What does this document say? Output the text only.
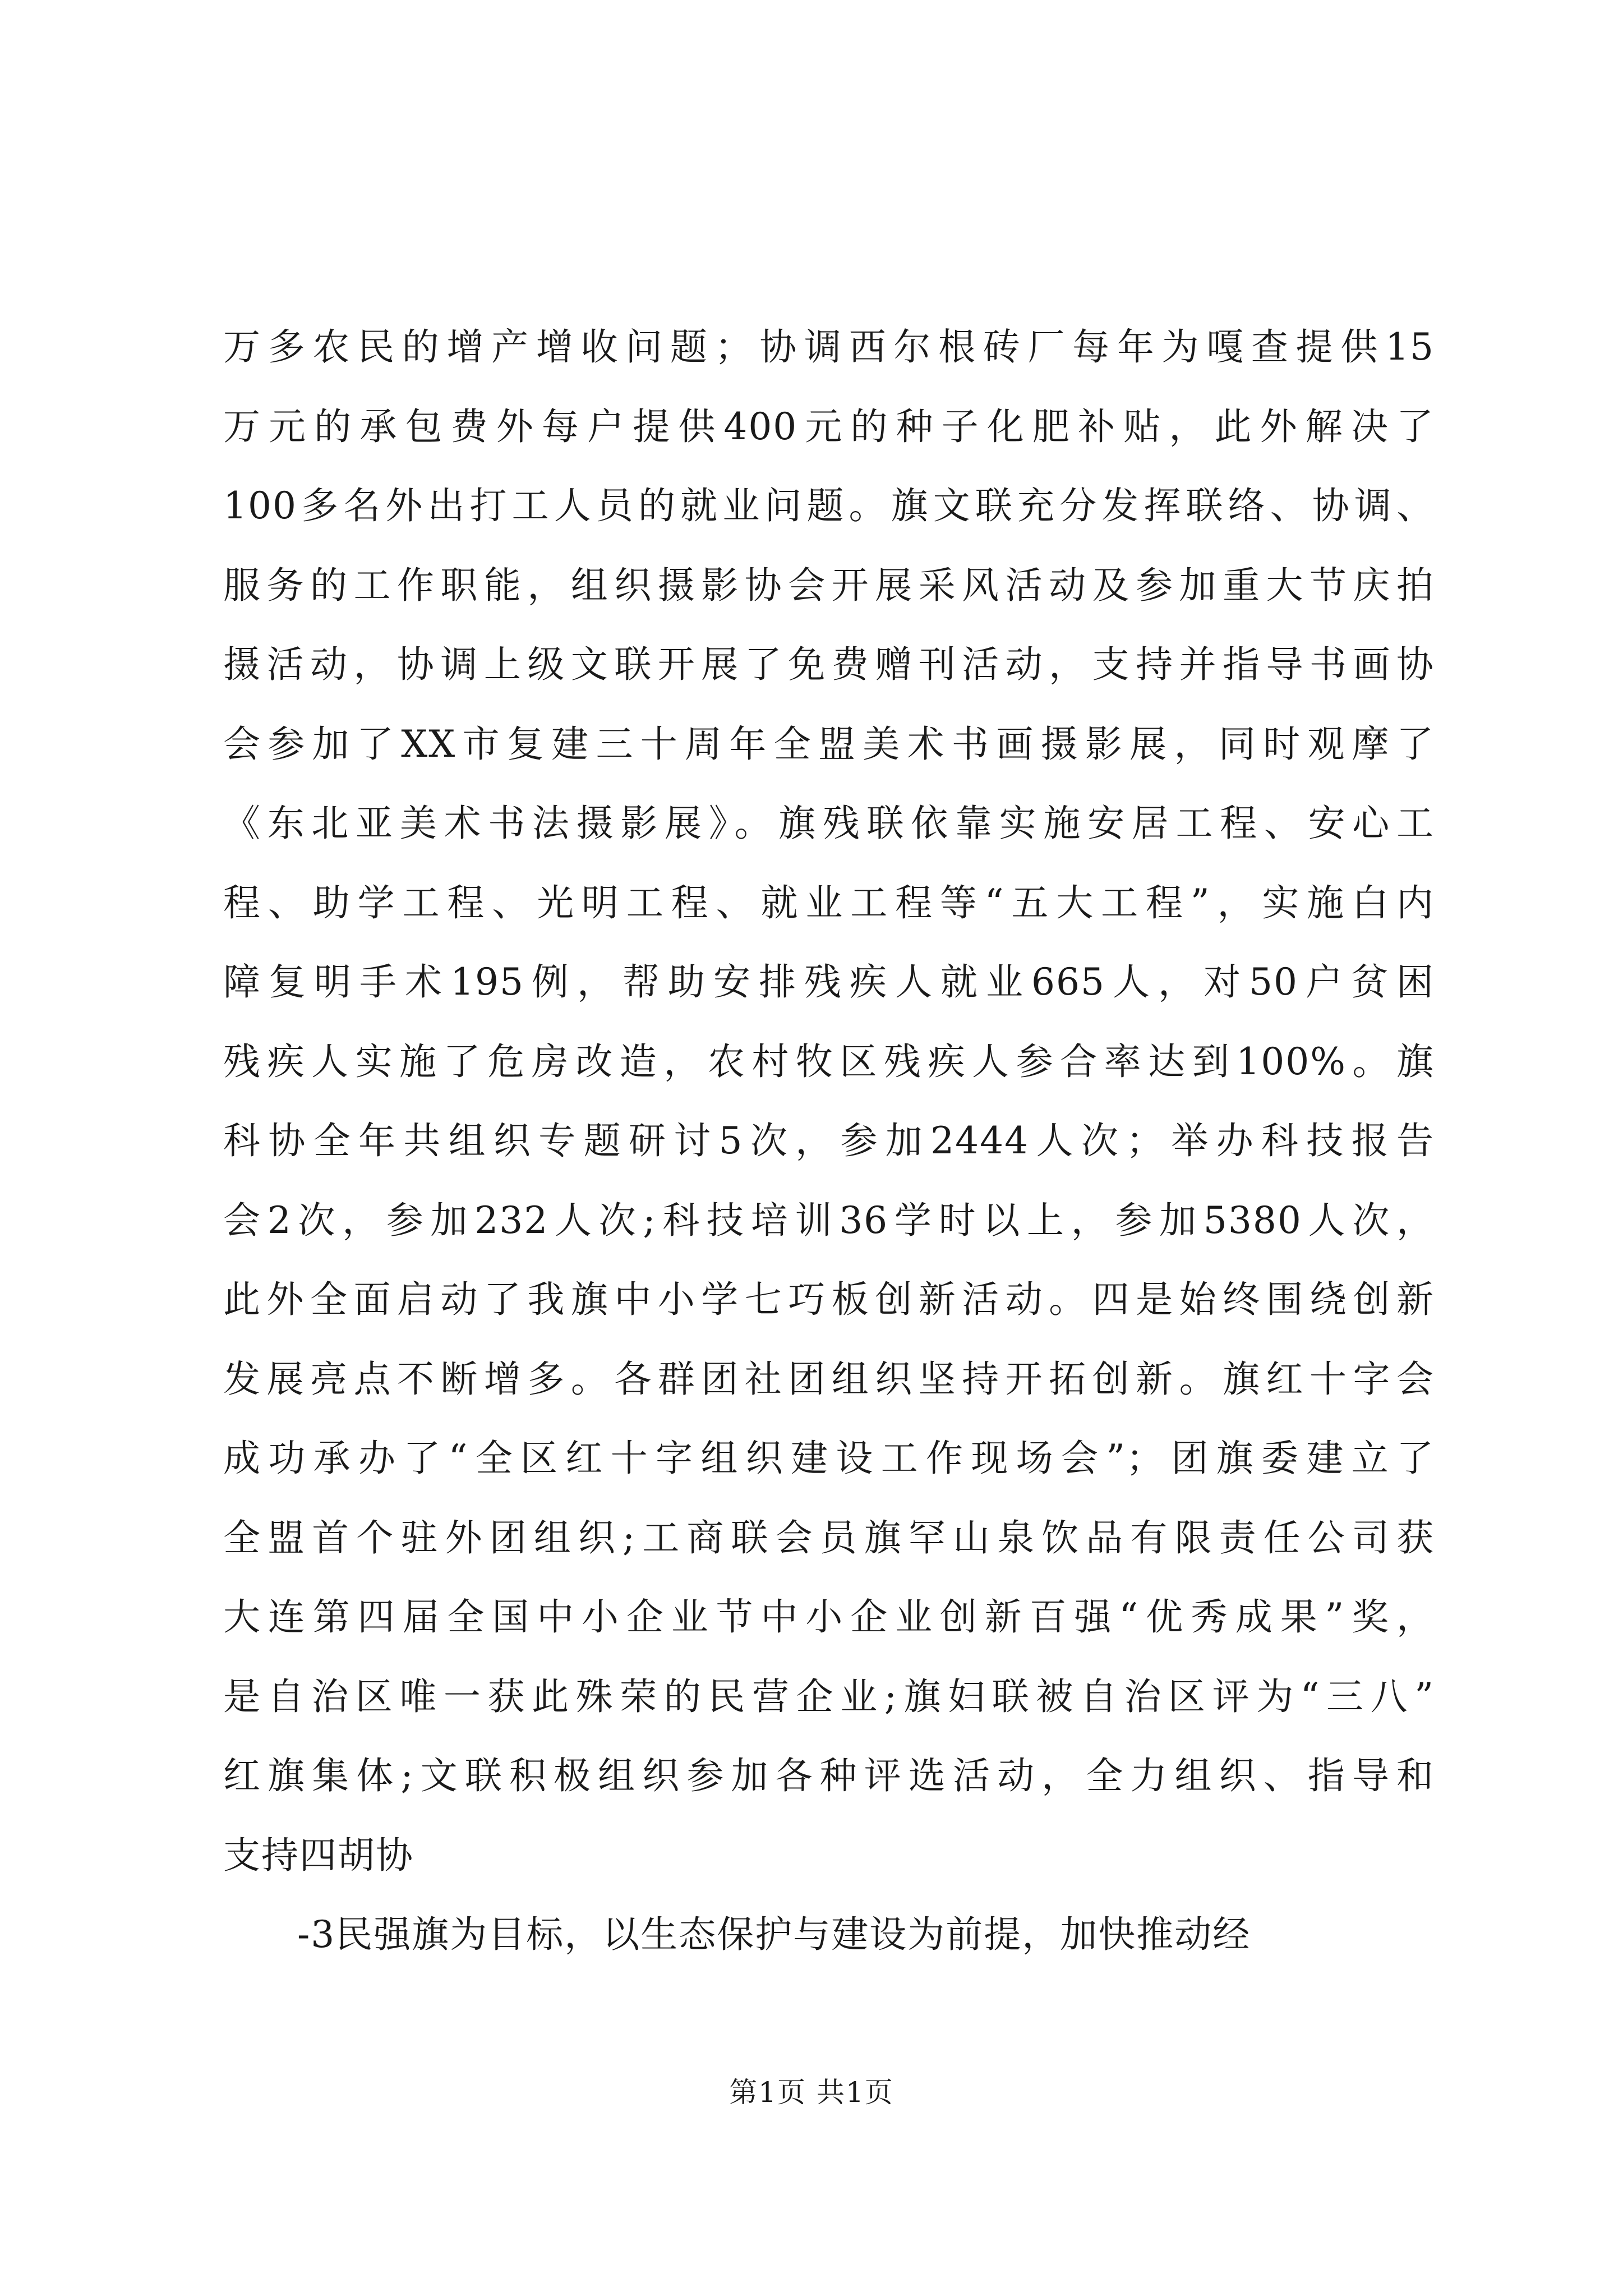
万多农民的增产增收问题；协调西尔根砖厂每年为嘎查提供15
万元的承包费外每户提供400元的种子化肥补贴，此外解决了
100多名外出打工人员的就业问题。旗文联充分发挥联络、协调、
服务的工作职能，组织摄影协会开展采风活动及参加重大节庆拍
摄活动，协调上级文联开展了免费赠刊活动，支持并指导书画协
会参加了XX市复建三十周年全盟美术书画摄影展，同时观摩了
《东北亚美术书法摄影展》。旗残联依靠实施安居工程、安心工
程、助学工程、光明工程、就业工程等“五大工程”，实施白内
障复明手术195例，帮助安排残疾人就业665人，对50户贫困
残疾人实施了危房改造，农村牧区残疾人参合率达到100%。旗
科协全年共组织专题研讨5次，参加2444人次；举办科技报告
会2次，参加232人次;科技培训36学时以上，参加5380人次，
此外全面启动了我旗中小学七巧板创新活动。四是始终围绕创新
发展亮点不断增多。各群团社团组织坚持开拓创新。旗红十字会
成功承办了“全区红十字组织建设工作现场会”；团旗委建立了
全盟首个驻外团组织;工商联会员旗罕山泉饮品有限责任公司获
大连第四届全国中小企业节中小企业创新百强“优秀成果”奖，
是自治区唯一获此殊荣的民营企业;旗妇联被自治区评为“三八”
红旗集体;文联积极组织参加各种评选活动，全力组织、指导和
支持四胡协
-3民强旗为目标，以生态保护与建设为前提，加快推动经
第1页 共1页
